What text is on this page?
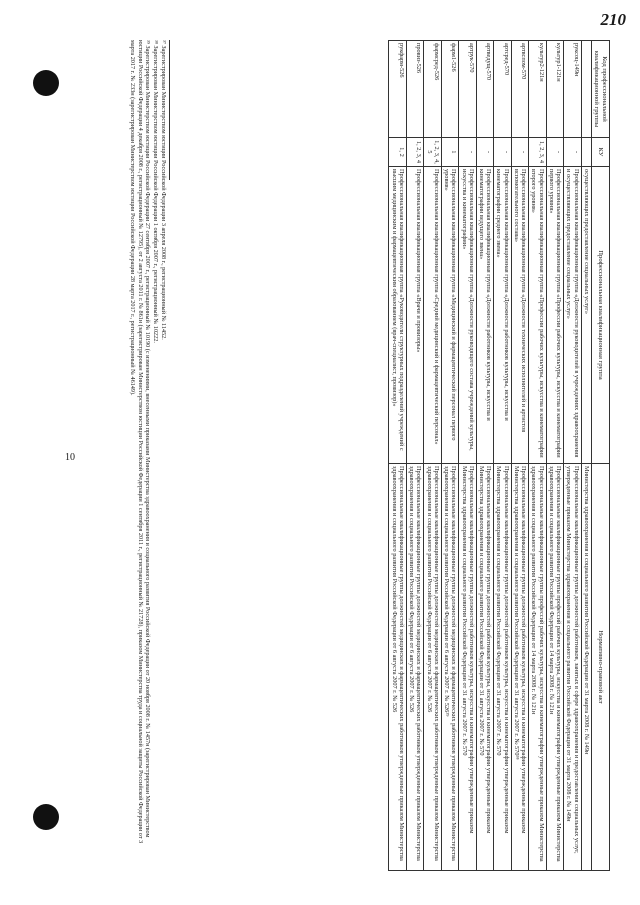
210
10
Код профессиональной квалификационной группы	КУ	Профессиональная квалификационная группа	Нормативно-правовой акт
		осуществляющих предоставление социальных услуг»	Министерства здравоохранения и социального развития Российской Федерации от 31 марта 2008 г. № 149н
руксоц-149н	-	Профессиональная квалификационная группа «Должности руководителей в учреждениях здравоохранения и осуществляющих предоставление социальных услуг»	Профессиональные квалификационные группы должностей работников, занятых в сфере здравоохранения и предоставления социальных услуг, утвержденные приказом Министерства здравоохранения и социального развития Российской Федерации от 31 марта 2008 г. № 149н
культур1-121н	-	Профессиональная квалификационная группа «Профессии рабочих культуры, искусства и кинематографии первого уровня»	Профессиональные квалификационные группы профессий рабочих культуры, искусства и кинематографии утвержденные приказом Министерства здравоохранения и социального развития Российской Федерации от 14 марта 2008 г. № 121н
культур2-121н	1, 2, 3, 4	Профессиональная квалификационная группа «Профессии рабочих культуры, искусства и кинематографии второго уровня»	Профессиональные квалификационные группы профессий рабочих культуры, искусства и кинематографии утвержденные приказом Министерства здравоохранения и социального развития Российской Федерации от 14 марта 2008 г. № 121н
артвспом-570	-	Профессиональная квалификационная группа «Должности технических исполнителей и артистов вспомогательного состава»	Профессиональные квалификационные группы должностей работников культуры, искусства и кинематографии утвержденные приказом Министерства здравоохранения и социального развития Российской Федерации от 31 августа 2007 г. № 570³⁸
артсред-570	-	Профессиональная квалификационная группа «Должности работников культуры, искусства и кинематографии среднего звена»	Профессиональные квалификационные группы должностей работников культуры, искусства и кинематографии утвержденные приказом Министерства здравоохранения и социального развития Российской Федерации от 31 августа 2007 г. № 570
артведущ-570	-	Профессиональная квалификационная группа «Должности работников культуры, искусства и кинематографии ведущего звена»	Профессиональные квалификационные группы должностей работников культуры, искусства и кинематографии утвержденные приказом Министерства здравоохранения и социального развития Российской Федерации от 31 августа 2007 г. № 570
артрук-570	-	Профессиональная квалификационная группа «Должности руководящего состава учреждений культуры, искусства и кинематографии»	Профессиональные квалификационные группы должностей работников культуры, искусства и кинематографии утвержденные приказом Министерства здравоохранения и социального развития Российской Федерации от 31 августа 2007 г. № 570
фарм1-526	1	Профессиональная квалификационная группа «Медицинский и фармацевтический персонал первого уровня»	Профессиональные квалификационные группы должностей медицинских и фармацевтических работников утвержденные приказом Министерства здравоохранения и социального развития Российской Федерации от 6 августа 2007 г. № 526³⁹
фармсред-526	1, 2, 3, 4, 5	Профессиональная квалификационная группа «Средний медицинский и фармацевтический персонал»	Профессиональные квалификационные группы должностей медицинских и фармацевтических работников утвержденные приказом Министерства здравоохранения и социального развития Российской Федерации от 6 августа 2007 г. № 526
провиз-526	1, 2, 3, 4	Профессиональная квалификационная группа «Врачи и провизоры»	Профессиональные квалификационные группы должностей медицинских и фармацевтических работников утвержденные приказом Министерства здравоохранения и социального развития Российской Федерации от 6 августа 2007 г. № 526
рукфарм-526	1, 2	Профессиональная квалификационная группа «Руководители структурных подразделений учреждений с высшим медицинским и фармацевтическим образованием (врач-специалист, провизор)»	Профессиональные квалификационные группы должностей медицинских и фармацевтических работников утвержденные приказом Министерства здравоохранения и социального развития Российской Федерации от 6 августа 2007 г. № 526

³⁷ Зарегистрирован Министерством юстиции Российской Федерации 3 апреля 2008 г., регистрационный № 11452.

³⁸ Зарегистрирован Министерством юстиции Российской Федерации 1 октября 2007 г., регистрационный № 10222.

³⁹ Зарегистрирован Министерством юстиции Российской Федерации 27 сентября 2007 г., регистрационный № 10190 (с изменениями, внесенными приказами Министерства здравоохранения и социального развития Российской Федерации от 20 ноября 2008 г. № 1457н (зарегистрирован Министерством юстиции Российской Федерации 4 декабря 2008 г., регистрационный № 12795), от 2 августа 2011 г. № 861н (зарегистрирован Министерством юстиции Российской Федерации 1 сентября 2011 г., регистрационный № 21728), приказом Министерства труда и социальной защиты Российской Федерации от 3 марта 2017 г. № 233н (зарегистрирован Министерством юстиции Российской Федерации 28 марта 2017 г., регистрационный № 46149).
